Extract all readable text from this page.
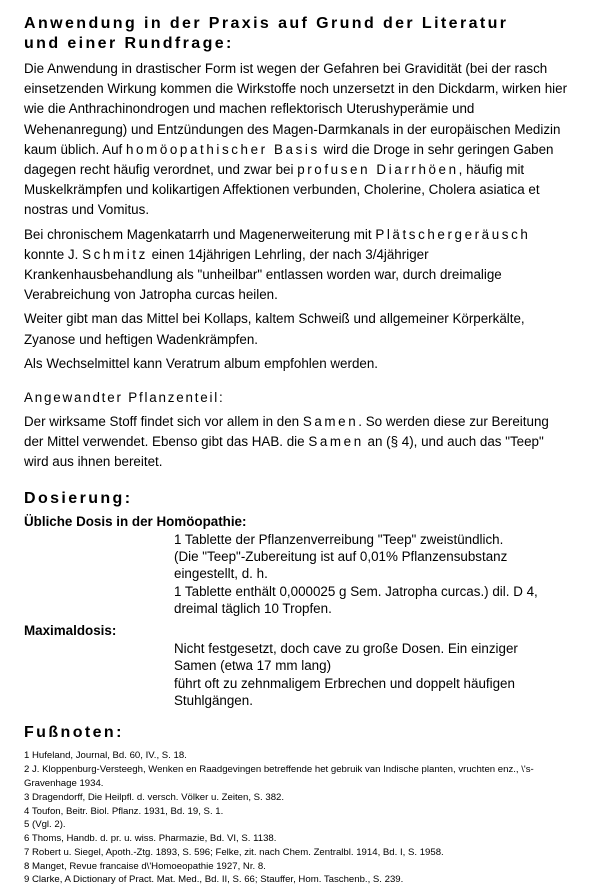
Anwendung in der Praxis auf Grund der Literatur
und einer Rundfrage:

Die Anwendung in drastischer Form ist wegen der Gefahren bei Gravidität (bei der rasch einsetzenden Wirkung kommen die Wirkstoffe noch unzersetzt in den Dickdarm, wirken hier wie die Anthrachinondrogen und machen reflektorisch Uterushyperämie und Wehenanregung) und Entzündungen des Magen-Darmkanals in der europäischen Medizin kaum üblich. Auf homöopathischer Basis wird die Droge in sehr geringen Gaben dagegen recht häufig verordnet, und zwar bei profusen Diarrhöen, häufig mit Muskelkrämpfen und kolikartigen Affektionen verbunden, Cholerine, Cholera asiatica et nostras und Vomitus.

Bei chronischem Magenkatarrh und Magenerweiterung mit Plätschergeräusch konnte J. Schmitz einen 14jährigen Lehrling, der nach 3/4jähriger Krankenhausbehandlung als "unheilbar" entlassen worden war, durch dreimalige Verabreichung von Jatropha curcas heilen.

Weiter gibt man das Mittel bei Kollaps, kaltem Schweiß und allgemeiner Körperkälte, Zyanose und heftigen Wadenkrämpfen.

Als Wechselmittel kann Veratrum album empfohlen werden.

Angewandter Pflanzenteil:

Der wirksame Stoff findet sich vor allem in den Samen. So werden diese zur Bereitung der Mittel verwendet. Ebenso gibt das HAB. die Samen an (§ 4), und auch das "Teep" wird aus ihnen bereitet.

Dosierung:

Übliche Dosis in der Homöopathie:

1 Tablette der Pflanzenverreibung "Teep" zweistündlich.
(Die "Teep"-Zubereitung ist auf 0,01% Pflanzensubstanz
eingestellt, d. h.
1 Tablette enthält 0,000025 g Sem. Jatropha curcas.) dil. D 4,
dreimal täglich 10 Tropfen.

Maximaldosis:

Nicht festgesetzt, doch cave zu große Dosen. Ein einziger
Samen (etwa 17 mm lang)
führt oft zu zehnmaligem Erbrechen und doppelt häufigen
Stuhlgängen.
Fußnoten:

1 Hufeland, Journal, Bd. 60, IV., S. 18.

2 J. Kloppenburg-Versteegh, Wenken en Raadgevingen betreffende het gebruik van Indische planten, vruchten enz., \'s-Gravenhage 1934.

3 Dragendorff, Die Heilpfl. d. versch. Völker u. Zeiten, S. 382.

4 Toufon, Beitr. Biol. Pflanz. 1931, Bd. 19, S. 1.

5 (Vgl. 2).

6 Thoms, Handb. d. pr. u. wiss. Pharmazie, Bd. VI, S. 1138.

7 Robert u. Siegel, Apoth.-Ztg. 1893, S. 596; Felke, zit. nach Chem. Zentralbl. 1914, Bd. I, S. 1958.

8 Manget, Revue francaise d\'Homoeopathie 1927, Nr. 8.

9 Clarke, A Dictionary of Pract. Mat. Med., Bd. II, S. 66; Stauffer, Hom. Taschenb., S. 239.
